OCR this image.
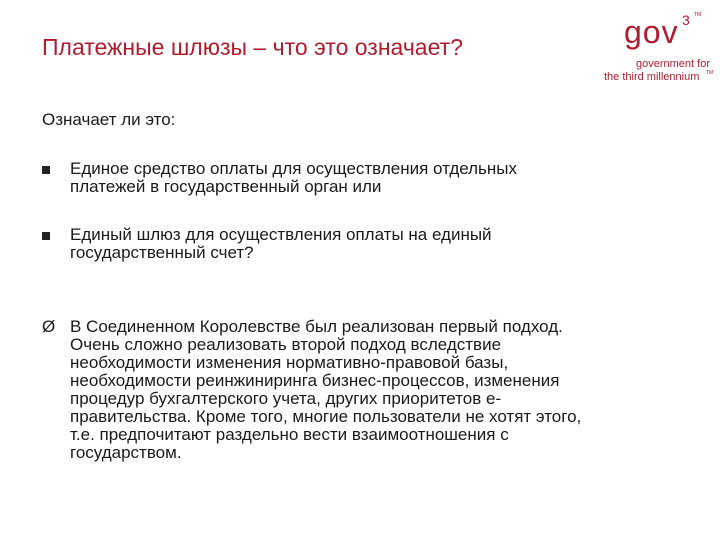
Платежные шлюзы – что это означает?	gov 3 TM
government for
the third millennium TM
Означает ли это:
Единое средство оплаты для осуществления отдельных
платежей в государственный орган или
Единый шлюз для осуществления оплаты на единый
государственный счет?
Ø В Соединенном Королевстве был реализован первый подход.
Очень сложно реализовать второй подход вследствие
необходимости изменения нормативно-правовой базы,
необходимости реинжиниринга бизнес-процессов, изменения
процедур бухгалтерского учета, других приоритетов е-
правительства. Кроме того, многие пользователи не хотят этого,
т.е. предпочитают раздельно вести взаимоотношения с
государством.
